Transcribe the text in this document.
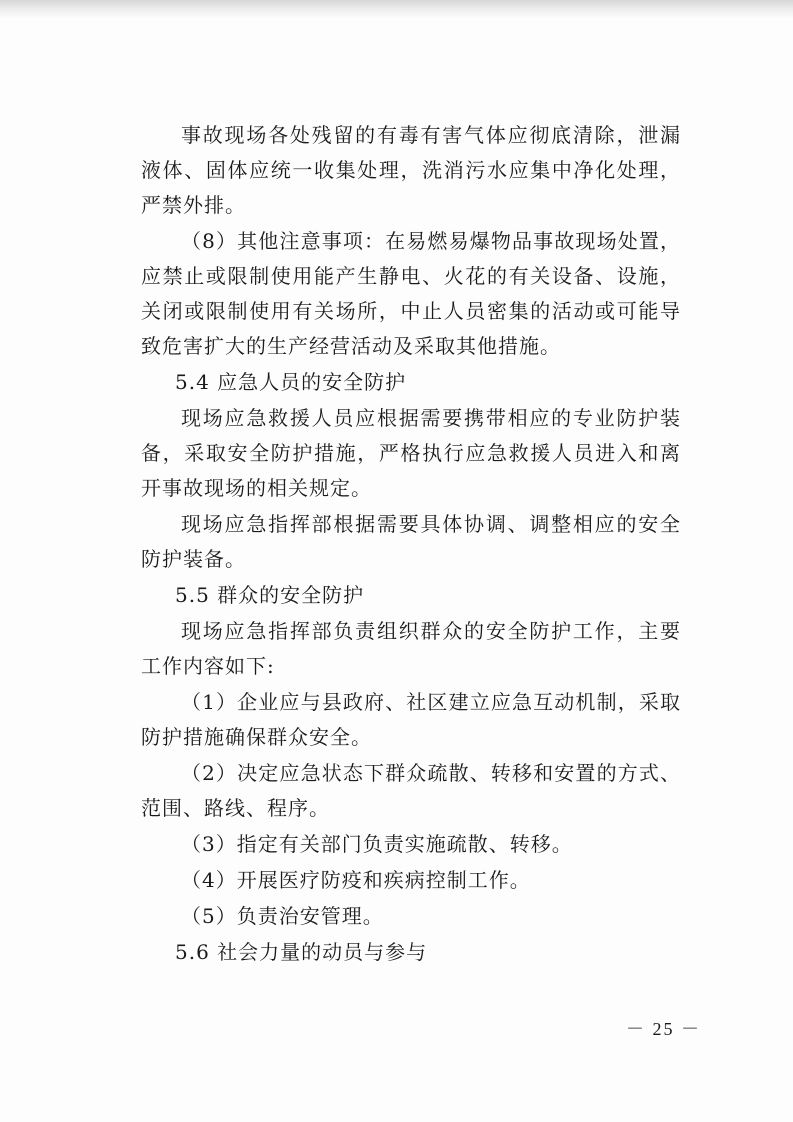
事故现场各处残留的有毒有害气体应彻底清除，泄漏液体、固体应统一收集处理，洗消污水应集中净化处理，严禁外排。

（8）其他注意事项：在易燃易爆物品事故现场处置，应禁止或限制使用能产生静电、火花的有关设备、设施，关闭或限制使用有关场所，中止人员密集的活动或可能导致危害扩大的生产经营活动及采取其他措施。

5.4 应急人员的安全防护

现场应急救援人员应根据需要携带相应的专业防护装备，采取安全防护措施，严格执行应急救援人员进入和离开事故现场的相关规定。

现场应急指挥部根据需要具体协调、调整相应的安全防护装备。

5.5 群众的安全防护

现场应急指挥部负责组织群众的安全防护工作，主要工作内容如下:

（1）企业应与县政府、社区建立应急互动机制，采取防护措施确保群众安全。

（2）决定应急状态下群众疏散、转移和安置的方式、范围、路线、程序。

（3）指定有关部门负责实施疏散、转移。

（4）开展医疗防疫和疾病控制工作。

（5）负责治安管理。

5.6 社会力量的动员与参与

－ 25 －
